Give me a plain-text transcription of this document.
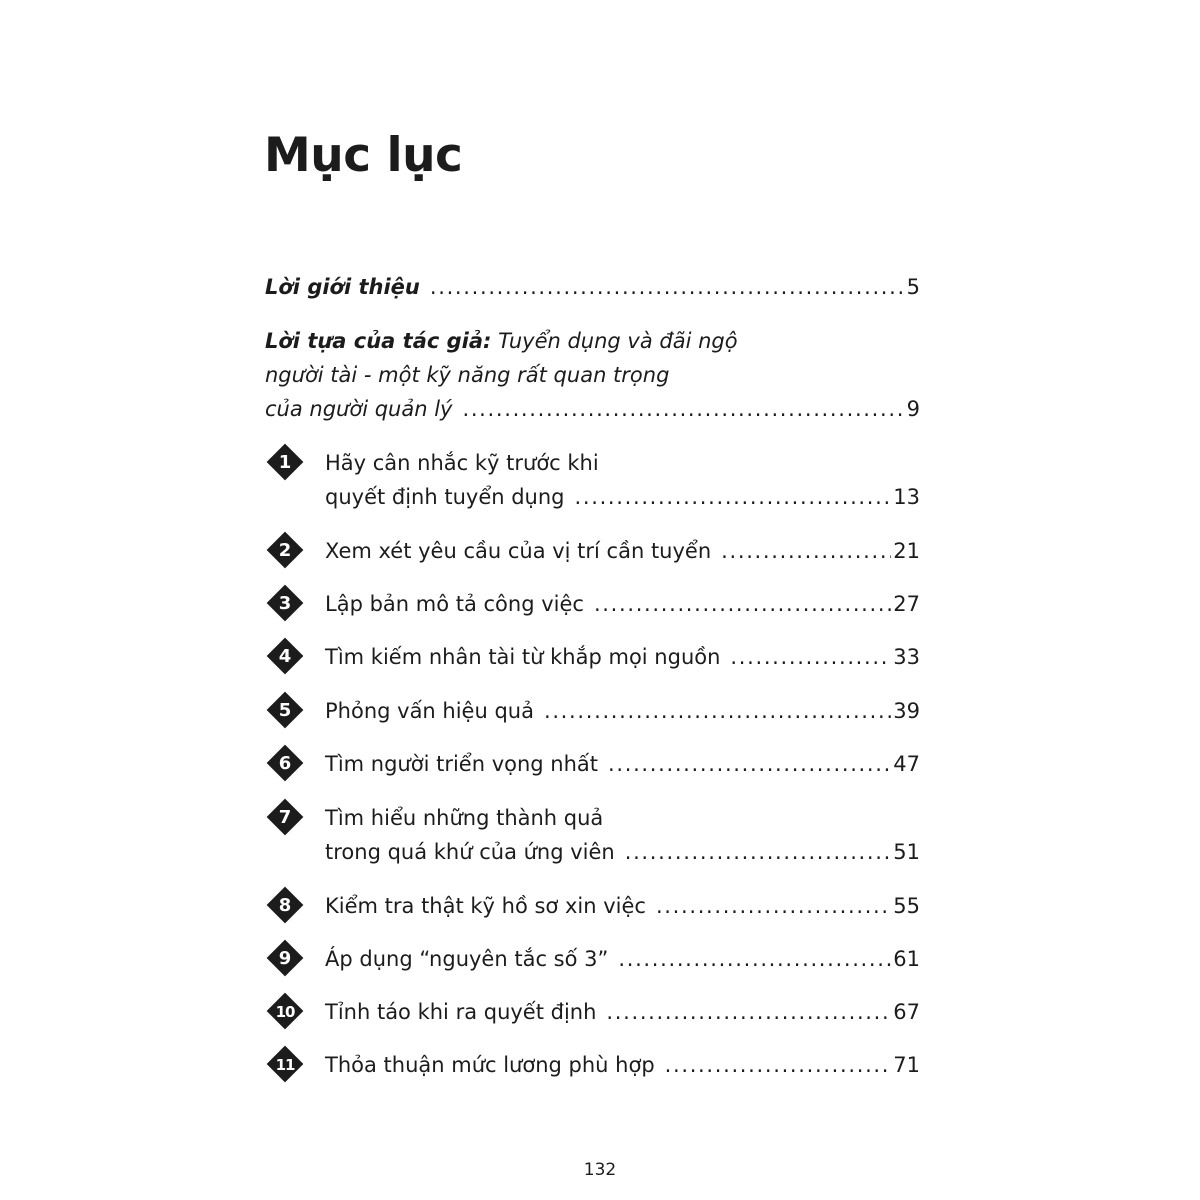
Mục lục
Lời giới thiệu . . .	5
Lời tựa của tác giả: Tuyển dụng và đãi ngộ
người tài - một kỹ năng rất quan trọng
của người quản lý . . .	9
1	Hãy cân nhắc kỹ trước khi
quyết định tuyển dụng . . .	13
2	Xem xét yêu cầu của vị trí cần tuyển . . .	21
3	Lập bản mô tả công việc . . .	27
4	Tìm kiếm nhân tài từ khắp mọi nguồn . . .	33
5	Phỏng vấn hiệu quả . . .	39
6	Tìm người triển vọng nhất . . .	47
7	Tìm hiểu những thành quả
trong quá khứ của ứng viên . . .	51
8	Kiểm tra thật kỹ hồ sơ xin việc . . .	55
9	Áp dụng “nguyên tắc số 3” . . .	61
10	Tỉnh táo khi ra quyết định . . .	67
11	Thỏa thuận mức lương phù hợp . . .	71
132
